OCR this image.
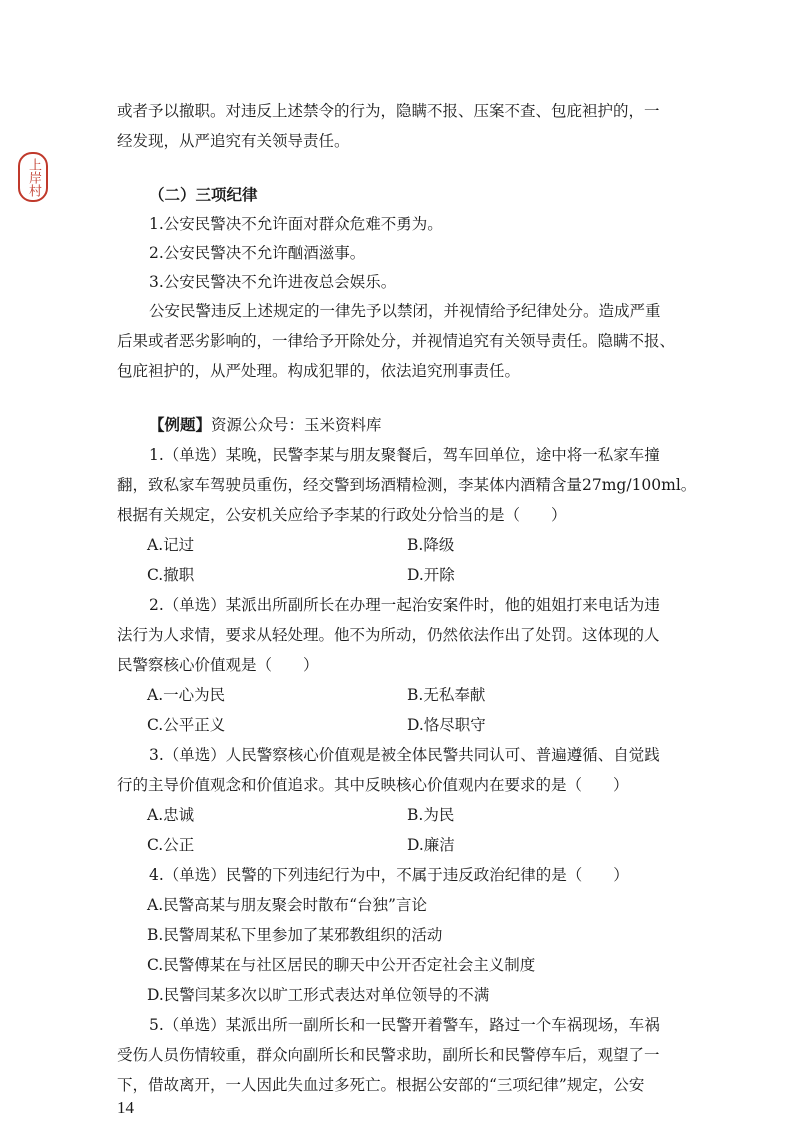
上岸村
或者予以撤职。对违反上述禁令的行为，隐瞒不报、压案不查、包庇袒护的，一
经发现，从严追究有关领导责任。
（二）三项纪律
1.公安民警决不允许面对群众危难不勇为。
2.公安民警决不允许酗酒滋事。
3.公安民警决不允许进夜总会娱乐。
公安民警违反上述规定的一律先予以禁闭，并视情给予纪律处分。造成严重
后果或者恶劣影响的，一律给予开除处分，并视情追究有关领导责任。隐瞒不报、
包庇袒护的，从严处理。构成犯罪的，依法追究刑事责任。
【例题】资源公众号：玉米资料库
1.（单选）某晚，民警李某与朋友聚餐后，驾车回单位，途中将一私家车撞
翻，致私家车驾驶员重伤，经交警到场酒精检测，李某体内酒精含量27mg/100ml。
根据有关规定，公安机关应给予李某的行政处分恰当的是（　　）
A.记过	B.降级
C.撤职	D.开除
2.（单选）某派出所副所长在办理一起治安案件时，他的姐姐打来电话为违
法行为人求情，要求从轻处理。他不为所动，仍然依法作出了处罚。这体现的人
民警察核心价值观是（　　）
A.一心为民	B.无私奉献
C.公平正义	D.恪尽职守
3.（单选）人民警察核心价值观是被全体民警共同认可、普遍遵循、自觉践
行的主导价值观念和价值追求。其中反映核心价值观内在要求的是（　　）
A.忠诚	B.为民
C.公正	D.廉洁
4.（单选）民警的下列违纪行为中，不属于违反政治纪律的是（　　）
A.民警高某与朋友聚会时散布“台独”言论
B.民警周某私下里参加了某邪教组织的活动
C.民警傅某在与社区居民的聊天中公开否定社会主义制度
D.民警闫某多次以旷工形式表达对单位领导的不满
5.（单选）某派出所一副所长和一民警开着警车，路过一个车祸现场，车祸
受伤人员伤情较重，群众向副所长和民警求助，副所长和民警停车后，观望了一
下，借故离开，一人因此失血过多死亡。根据公安部的“三项纪律”规定，公安
14
